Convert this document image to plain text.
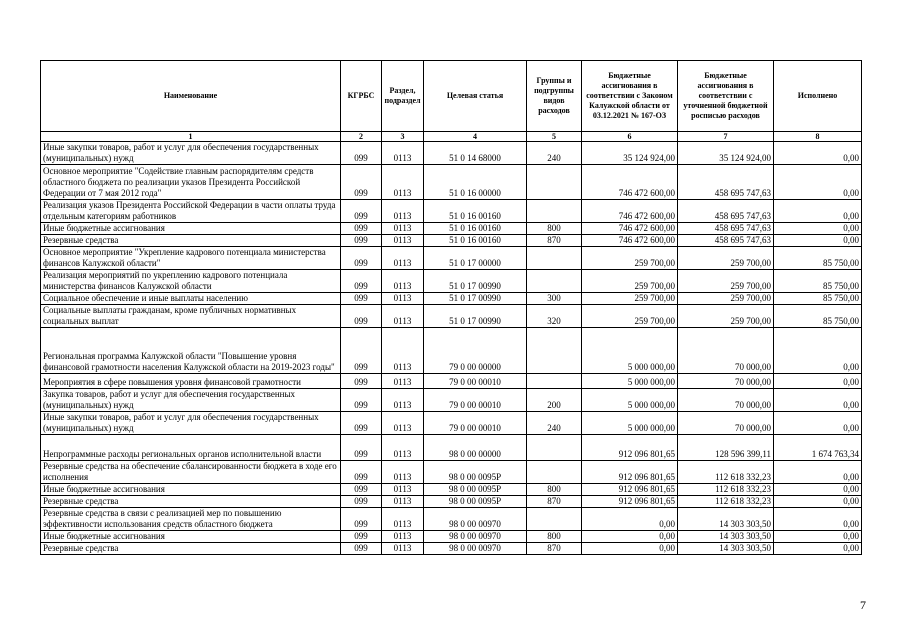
Наименование	КГРБС	Раздел, подраздел	Целевая статья	Группы и подгруппы видов расходов	Бюджетные ассигнования в соответствии с Законом Калужской области от 03.12.2021 № 167-ОЗ	Бюджетные ассигнования в соответствии с уточненной бюджетной росписью расходов	Исполнено
1	2	3	4	5	6	7	8
Иные закупки товаров, работ и услуг для обеспечения государственных (муниципальных) нужд	099	0113	51 0 14 68000	240	35 124 924,00	35 124 924,00	0,00
Основное мероприятие "Содействие главным распорядителям средств областного бюджета по реализации указов Президента Российской Федерации от 7 мая 2012 года"	099	0113	51 0 16 00000		746 472 600,00	458 695 747,63	0,00
Реализация указов Президента Российской Федерации в части оплаты труда отдельным категориям работников	099	0113	51 0 16 00160		746 472 600,00	458 695 747,63	0,00
Иные бюджетные ассигнования	099	0113	51 0 16 00160	800	746 472 600,00	458 695 747,63	0,00
Резервные средства	099	0113	51 0 16 00160	870	746 472 600,00	458 695 747,63	0,00
Основное мероприятие "Укрепление кадрового потенциала министерства финансов Калужской области"	099	0113	51 0 17 00000		259 700,00	259 700,00	85 750,00
Реализация мероприятий по укреплению кадрового потенциала министерства финансов Калужской области	099	0113	51 0 17 00990		259 700,00	259 700,00	85 750,00
Социальное обеспечение и иные выплаты населению	099	0113	51 0 17 00990	300	259 700,00	259 700,00	85 750,00
Социальные выплаты гражданам, кроме публичных нормативных социальных выплат	099	0113	51 0 17 00990	320	259 700,00	259 700,00	85 750,00
Региональная программа Калужской области "Повышение уровня финансовой грамотности населения Калужской области на 2019-2023 годы"	099	0113	79 0 00 00000		5 000 000,00	70 000,00	0,00
Мероприятия в сфере повышения уровня финансовой грамотности	099	0113	79 0 00 00010		5 000 000,00	70 000,00	0,00
Закупка товаров, работ и услуг для обеспечения государственных (муниципальных) нужд	099	0113	79 0 00 00010	200	5 000 000,00	70 000,00	0,00
Иные закупки товаров, работ и услуг для обеспечения государственных (муниципальных) нужд	099	0113	79 0 00 00010	240	5 000 000,00	70 000,00	0,00
Непрограммные расходы региональных органов исполнительной власти	099	0113	98 0 00 00000		912 096 801,65	128 596 399,11	1 674 763,34
Резервные средства на обеспечение сбалансированности бюджета в ходе его исполнения	099	0113	98 0 00 0095Р		912 096 801,65	112 618 332,23	0,00
Иные бюджетные ассигнования	099	0113	98 0 00 0095Р	800	912 096 801,65	112 618 332,23	0,00
Резервные средства	099	0113	98 0 00 0095Р	870	912 096 801,65	112 618 332,23	0,00
Резервные средства в связи с реализацией мер по повышению эффективности использования средств областного бюджета	099	0113	98 0 00 00970		0,00	14 303 303,50	0,00
Иные бюджетные ассигнования	099	0113	98 0 00 00970	800	0,00	14 303 303,50	0,00
Резервные средства	099	0113	98 0 00 00970	870	0,00	14 303 303,50	0,00
7
